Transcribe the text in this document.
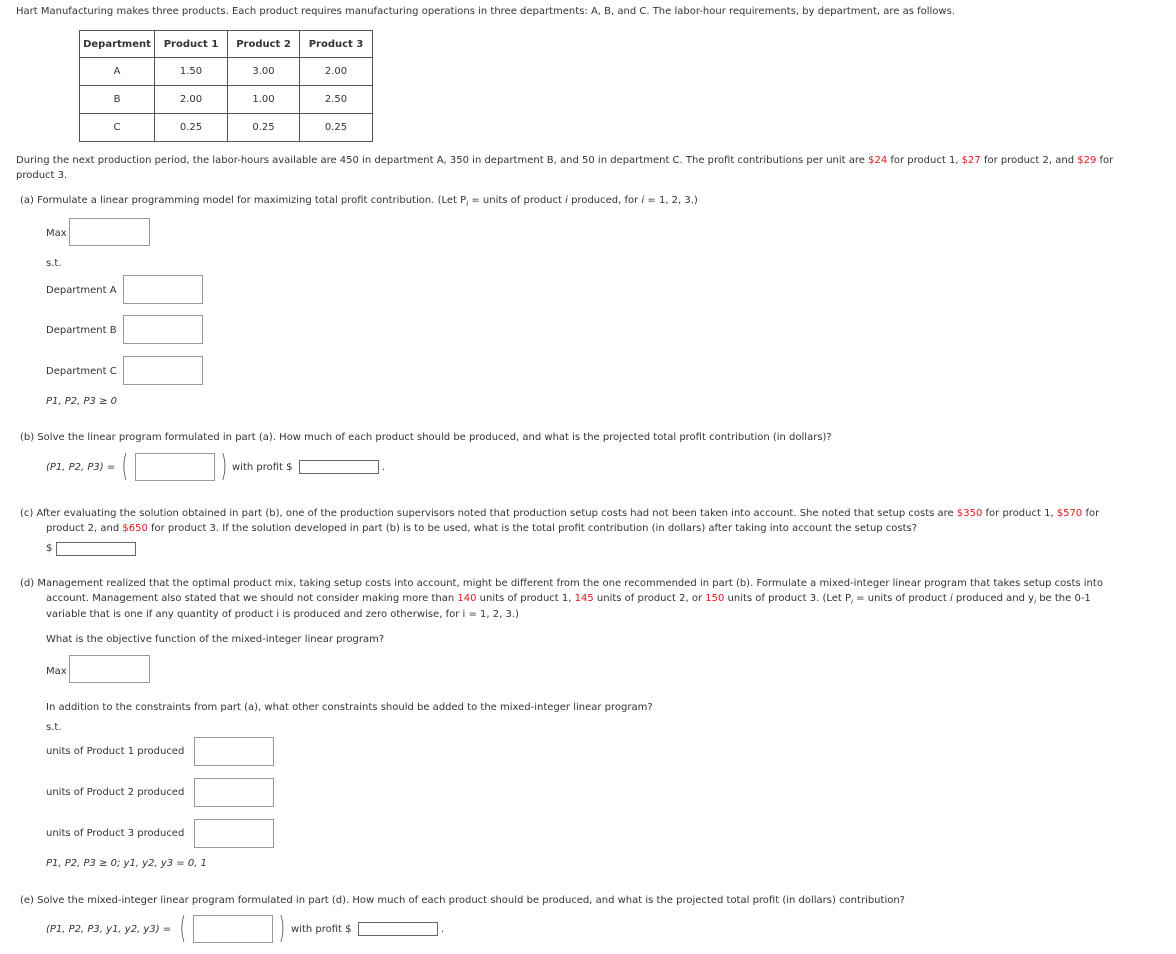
Hart Manufacturing makes three products. Each product requires manufacturing operations in three departments: A, B, and C. The labor-hour requirements, by department, are as follows.
Department	Product 1	Product 2	Product 3
A	1.50	3.00	2.00
B	2.00	1.00	2.50
C	0.25	0.25	0.25
During the next production period, the labor-hours available are 450 in department A, 350 in department B, and 50 in department C. The profit contributions per unit are $24 for product 1, $27 for product 2, and $29 for
product 3.
(a) Formulate a linear programming model for maximizing total profit contribution. (Let $P_i$ = units of product i produced, for i = 1, 2, 3.)
Max
s.t.
Department A
Department B
Department C
P1, P2, P3 ≥ 0
(b) Solve the linear program formulated in part (a). How much of each product should be produced, and what is the projected total profit contribution (in dollars)?
(P1, P2, P3) = (	) with profit $	.
(c) After evaluating the solution obtained in part (b), one of the production supervisors noted that production setup costs had not been taken into account. She noted that setup costs are $350 for product 1, $570 for
product 2, and $650 for product 3. If the solution developed in part (b) is to be used, what is the total profit contribution (in dollars) after taking into account the setup costs?
$
(d) Management realized that the optimal product mix, taking setup costs into account, might be different from the one recommended in part (b). Formulate a mixed-integer linear program that takes setup costs into
account. Management also stated that we should not consider making more than 140 units of product 1, 145 units of product 2, or 150 units of product 3. (Let $P_i$ = units of product i produced and $y_i$ be the 0-1
variable that is one if any quantity of product i is produced and zero otherwise, for i = 1, 2, 3.)
What is the objective function of the mixed-integer linear program?
Max
In addition to the constraints from part (a), what other constraints should be added to the mixed-integer linear program?
s.t.
units of Product 1 produced
units of Product 2 produced
units of Product 3 produced
P1, P2, P3 ≥ 0; y1, y2, y3 = 0, 1
(e) Solve the mixed-integer linear program formulated in part (d). How much of each product should be produced, and what is the projected total profit (in dollars) contribution?
(P1, P2, P3, y1, y2, y3) = (	) with profit $	.
